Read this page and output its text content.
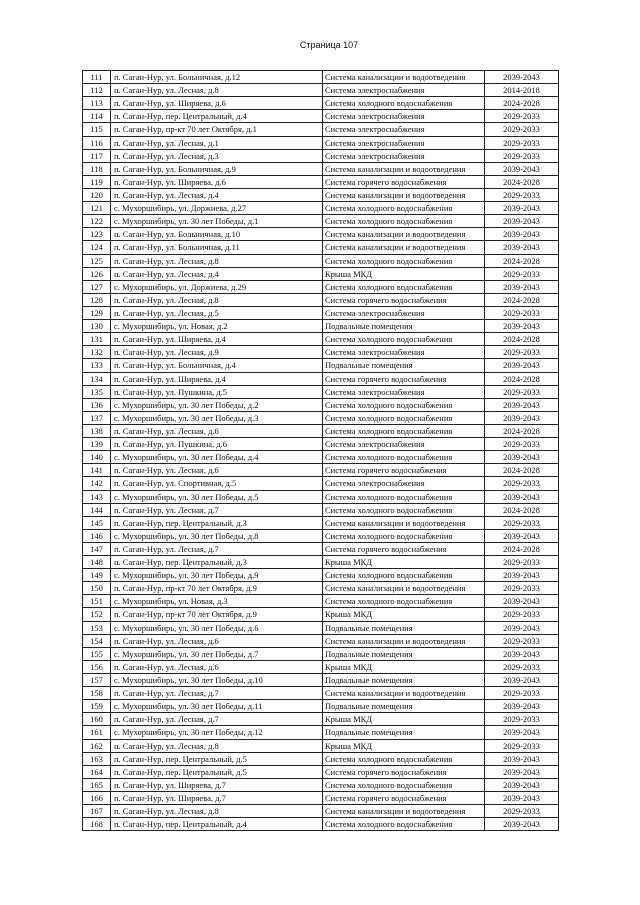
Страница 107
111	п. Саган-Нур, ул. Больничная, д.12	Система канализации и водоотведения	2039-2043
112	п. Саган-Нур, ул. Лесная, д.8	Система электроснабжения	2014-2018
113	п. Саган-Нур, ул. Ширяева, д.6	Система холодного водоснабжения	2024-2028
114	п. Саган-Нур, пер. Центральный, д.4	Система электроснабжения	2029-2033
115	п. Саган-Нур, пр-кт 70 лет Октября, д.1	Система электроснабжения	2029-2033
116	п. Саган-Нур, ул. Лесная, д.1	Система электроснабжения	2029-2033
117	п. Саган-Нур, ул. Лесная, д.3	Система электроснабжения	2029-2033
118	п. Саган-Нур, ул. Больничная, д.9	Система канализации и водоотведения	2039-2043
119	п. Саган-Нур, ул. Ширяева, д.6	Система горячего водоснабжения	2024-2028
120	п. Саган-Нур, ул. Лесная, д.4	Система канализации и водоотведения	2029-2033
121	с. Мухоршибирь, ул. Доржиева, д.27	Система холодного водоснабжения	2039-2043
122	с. Мухоршибирь, ул. 30 лет Победы, д.1	Система холодного водоснабжения	2039-2043
123	п. Саган-Нур, ул. Больничная, д.10	Система канализации и водоотведения	2039-2043
124	п. Саган-Нур, ул. Больничная, д.11	Система канализации и водоотведения	2039-2043
125	п. Саган-Нур, ул. Лесная, д.8	Система холодного водоснабжения	2024-2028
126	п. Саган-Нур, ул. Лесная, д.4	Крыша МКД	2029-2033
127	с. Мухоршибирь, ул. Доржиева, д.29	Система холодного водоснабжения	2039-2043
128	п. Саган-Нур, ул. Лесная, д.8	Система горячего водоснабжения	2024-2028
129	п. Саган-Нур, ул. Лесная, д.5	Система электроснабжения	2029-2033
130	с. Мухоршибирь, ул. Новая, д.2	Подвальные помещения	2039-2043
131	п. Саган-Нур, ул. Ширяева, д.4	Система холодного водоснабжения	2024-2028
132	п. Саган-Нур, ул. Лесная, д.9	Система электроснабжения	2029-2033
133	п. Саган-Нур, ул. Больничная, д.4	Подвальные помещения	2039-2043
134	п. Саган-Нур, ул. Ширяева, д.4	Система горячего водоснабжения	2024-2028
135	п. Саган-Нур, ул. Пушкина, д.5	Система электроснабжения	2029-2033
136	с. Мухоршибирь, ул. 30 лет Победы, д.2	Система холодного водоснабжения	2039-2043
137	с. Мухоршибирь, ул. 30 лет Победы, д.3	Система холодного водоснабжения	2039-2043
138	п. Саган-Нур, ул. Лесная, д.6	Система холодного водоснабжения	2024-2028
139	п. Саган-Нур, ул. Пушкина, д.6	Система электроснабжения	2029-2033
140	с. Мухоршибирь, ул. 30 лет Победы, д.4	Система холодного водоснабжения	2039-2043
141	п. Саган-Нур, ул. Лесная, д.6	Система горячего водоснабжения	2024-2028
142	п. Саган-Нур, ул. Спортивная, д.5	Система электроснабжения	2029-2033
143	с. Мухоршибирь, ул. 30 лет Победы, д.5	Система холодного водоснабжения	2039-2043
144	п. Саган-Нур, ул. Лесная, д.7	Система холодного водоснабжения	2024-2028
145	п. Саган-Нур, пер. Центральный, д.3	Система канализации и водоотведения	2029-2033
146	с. Мухоршибирь, ул. 30 лет Победы, д.8	Система холодного водоснабжения	2039-2043
147	п. Саган-Нур, ул. Лесная, д.7	Система горячего водоснабжения	2024-2028
148	п. Саган-Нур, пер. Центральный, д.3	Крыша МКД	2029-2033
149	с. Мухоршибирь, ул. 30 лет Победы, д.9	Система холодного водоснабжения	2039-2043
150	п. Саган-Нур, пр-кт 70 лет Октября, д.9	Система канализации и водоотведения	2029-2033
151	с. Мухоршибирь, ул. Новая, д.3	Система холодного водоснабжения	2039-2043
152	п. Саган-Нур, пр-кт 70 лет Октября, д.9	Крыша МКД	2029-2033
153	с. Мухоршибирь, ул. 30 лет Победы, д.6	Подвальные помещения	2039-2043
154	п. Саган-Нур, ул. Лесная, д.6	Система канализации и водоотведения	2029-2033
155	с. Мухоршибирь, ул. 30 лет Победы, д.7	Подвальные помещения	2039-2043
156	п. Саган-Нур, ул. Лесная, д.6	Крыша МКД	2029-2033
157	с. Мухоршибирь, ул. 30 лет Победы, д.10	Подвальные помещения	2039-2043
158	п. Саган-Нур, ул. Лесная, д.7	Система канализации и водоотведения	2029-2033
159	с. Мухоршибирь, ул. 30 лет Победы, д.11	Подвальные помещения	2039-2043
160	п. Саган-Нур, ул. Лесная, д.7	Крыша МКД	2029-2033
161	с. Мухоршибирь, ул. 30 лет Победы, д.12	Подвальные помещения	2039-2043
162	п. Саган-Нур, ул. Лесная, д.8	Крыша МКД	2029-2033
163	п. Саган-Нур, пер. Центральный, д.5	Система холодного водоснабжения	2039-2043
164	п. Саган-Нур, пер. Центральный, д.5	Система горячего водоснабжения	2039-2043
165	п. Саган-Нур, ул. Ширяева, д.7	Система холодного водоснабжения	2039-2043
166	п. Саган-Нур, ул. Ширяева, д.7	Система горячего водоснабжения	2039-2043
167	п. Саган-Нур, ул. Лесная, д.8	Система канализации и водоотведения	2029-2033
168	п. Саган-Нур, пер. Центральный, д.4	Система холодного водоснабжения	2039-2043
